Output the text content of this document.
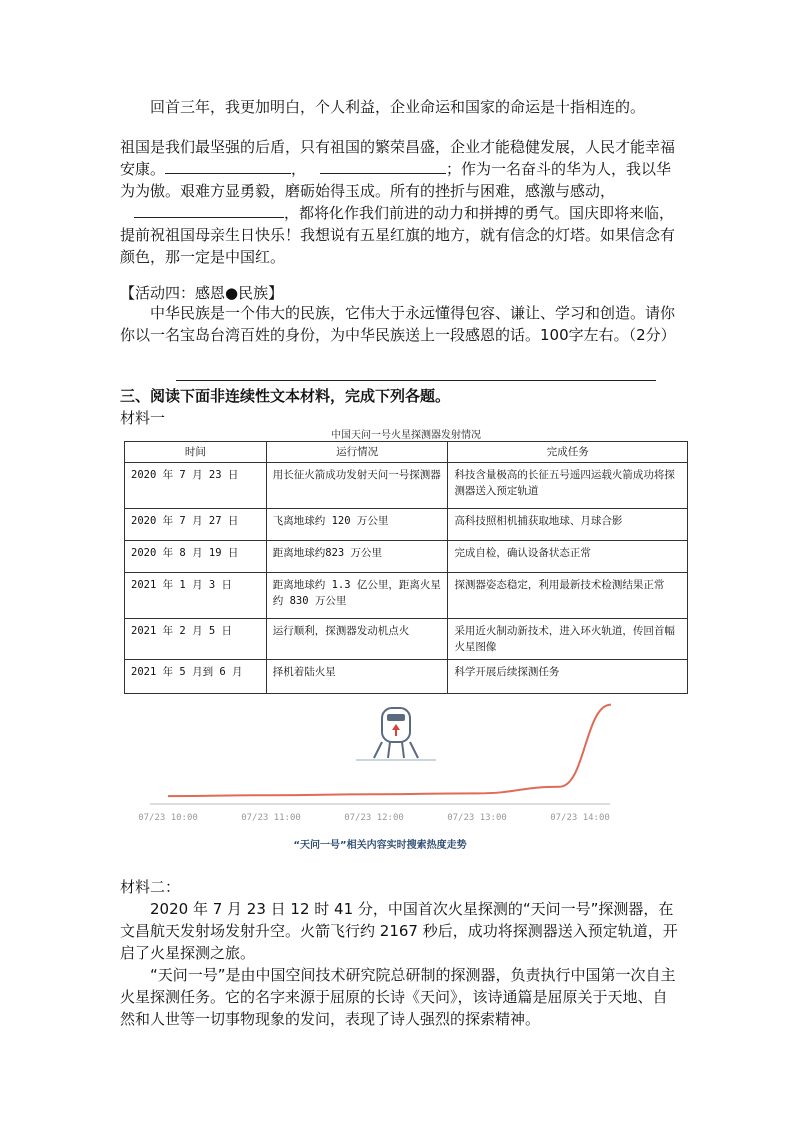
回首三年，我更加明白，个人利益，企业命运和国家的命运是十指相连的。

祖国是我们最坚强的后盾，只有祖国的繁荣昌盛，企业才能稳健发展，人民才能幸福安康。	，	；作为一名奋斗的华为人，我以华为为傲。艰难方显勇毅，磨砺始得玉成。所有的挫折与困难，感激与感动，，都将化作我们前进的动力和拼搏的勇气。国庆即将来临，提前祝祖国母亲生日快乐！我想说有五星红旗的地方，就有信念的灯塔。如果信念有颜色，那一定是中国红。

【活动四：感恩●民族】

中华民族是一个伟大的民族，它伟大于永远懂得包容、谦让、学习和创造。请你你以一名宝岛台湾百姓的身份，为中华民族送上一段感恩的话。100字左右。（2分）

三、阅读下面非连续性文本材料，完成下列各题。
材料一
中国天问一号火星探测器发射情况
时间	运行情况	完成任务
2020 年 7 月 23 日	用长征火箭成功发射天问一号探测器	科技含量极高的长征五号遥四运载火箭成功将探测器送入预定轨道
2020 年 7 月 27 日	飞离地球约 120 万公里	高科技照相机捕获取地球、月球合影
2020 年 8 月 19 日	距离地球约823 万公里	完成自检，确认设备状态正常
2021 年 1 月 3 日	距离地球约 1.3 亿公里，距离火星约 830 万公里	探测器姿态稳定，利用最新技术检测结果正常
2021 年 2 月 5 日	运行顺利，探测器发动机点火	采用近火制动新技术，进入环火轨道，传回首幅火星图像
2021 年 5 月到 6 月	择机着陆火星	科学开展后续探测任务
07/23 10:00	07/23 11:00	07/23 12:00	07/23 13:00	07/23 14:00
“天问一号”相关内容实时搜索热度走势
材料二：

2020 年 7 月 23 日 12 时 41 分，中国首次火星探测的“天问一号”探测器，在文昌航天发射场发射升空。火箭飞行约 2167 秒后，成功将探测器送入预定轨道，开启了火星探测之旅。

“天问一号”是由中国空间技术研究院总研制的探测器，负责执行中国第一次自主火星探测任务。它的名字来源于屈原的长诗《天问》，该诗通篇是屈原关于天地、自然和人世等一切事物现象的发问，表现了诗人强烈的探索精神。
